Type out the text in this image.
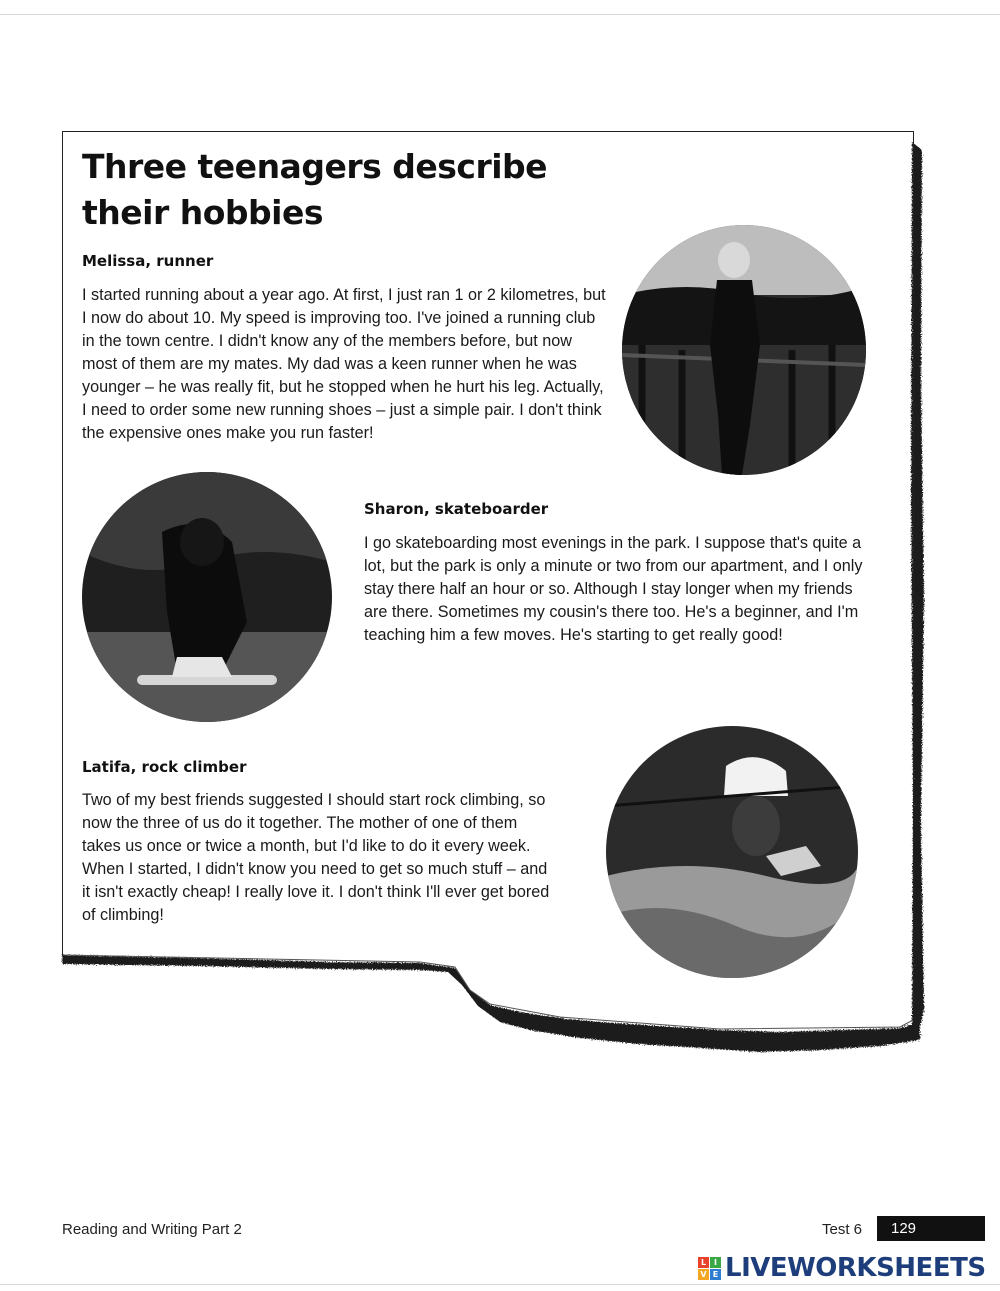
Three teenagers describe their hobbies
Melissa, runner

I started running about a year ago. At first, I just ran 1 or 2 kilometres, but I now do about 10. My speed is improving too. I've joined a running club in the town centre. I didn't know any of the members before, but now most of them are my mates. My dad was a keen runner when he was younger – he was really fit, but he stopped when he hurt his leg. Actually, I need to order some new running shoes – just a simple pair. I don't think the expensive ones make you run faster!

Sharon, skateboarder

I go skateboarding most evenings in the park. I suppose that's quite a lot, but the park is only a minute or two from our apartment, and I only stay there half an hour or so. Although I stay longer when my friends are there. Sometimes my cousin's there too. He's a beginner, and I'm teaching him a few moves. He's starting to get really good!

Latifa, rock climber

Two of my best friends suggested I should start rock climbing, so now the three of us do it together. The mother of one of them takes us once or twice a month, but I'd like to do it every week. When I started, I didn't know you need to get so much stuff – and it isn't exactly cheap! I really love it. I don't think I'll ever get bored of climbing!

Reading and Writing Part 2	Test 6	129
L I
V E LIVEWORKSHEETS
